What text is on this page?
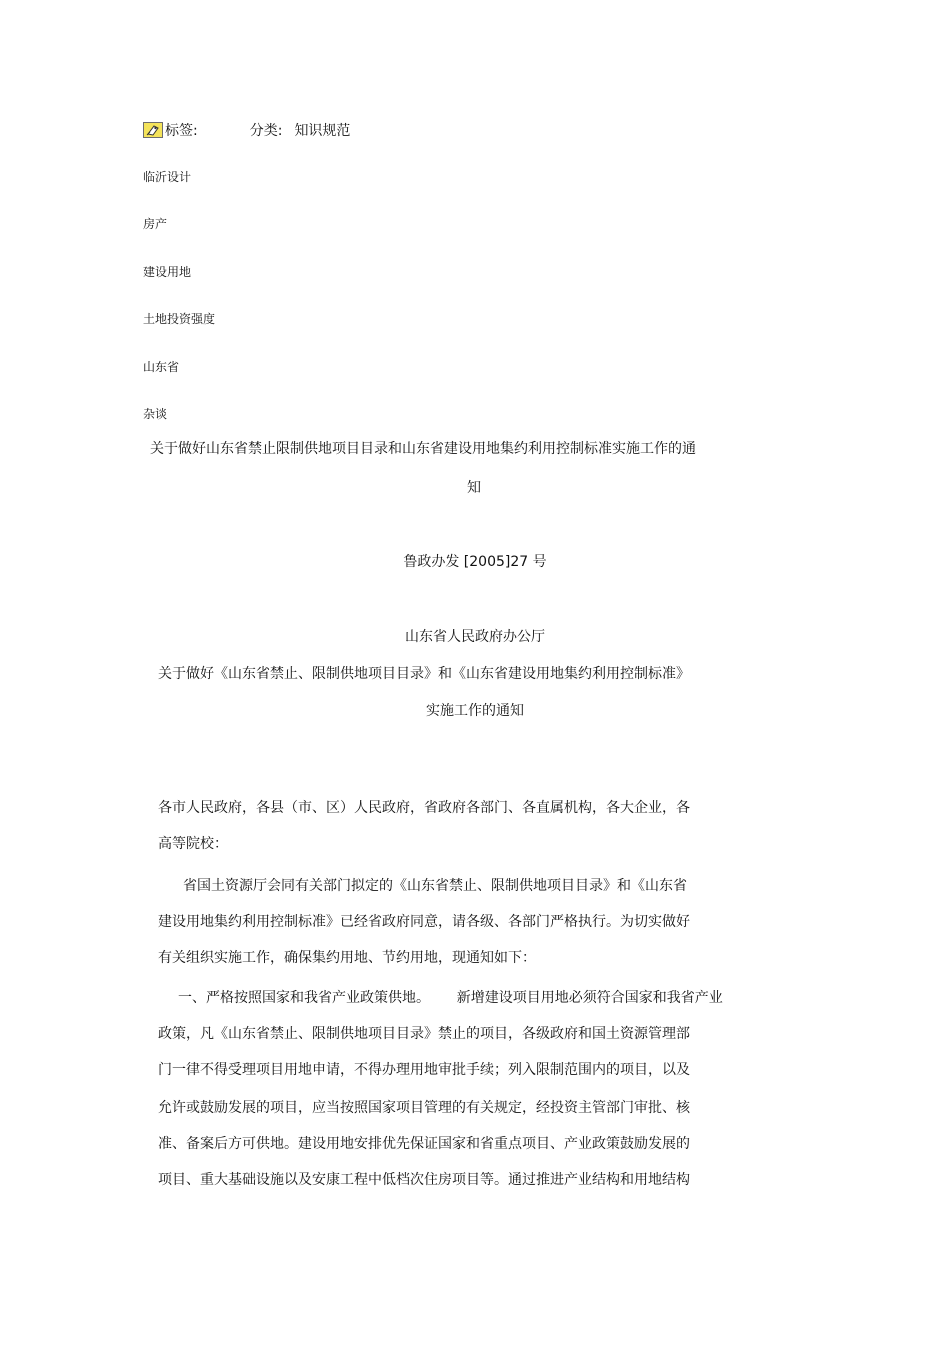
标签:	分类: 知识规范
临沂设计
房产
建设用地
土地投资强度
山东省
杂谈
关于做好山东省禁止限制供地项目目录和山东省建设用地集约利用控制标准实施工作的通
知
鲁政办发 [2005]27 号
山东省人民政府办公厅
关于做好《山东省禁止、限制供地项目目录》和《山东省建设用地集约利用控制标准》
实施工作的通知
各市人民政府，各县（市、区）人民政府，省政府各部门、各直属机构，各大企业，各
高等院校：
省国土资源厅会同有关部门拟定的《山东省禁止、限制供地项目目录》和《山东省
建设用地集约利用控制标准》已经省政府同意，请各级、各部门严格执行。为切实做好
有关组织实施工作，确保集约用地、节约用地，现通知如下：
一、严格按照国家和我省产业政策供地。      新增建设项目用地必须符合国家和我省产业
政策，凡《山东省禁止、限制供地项目目录》禁止的项目，各级政府和国土资源管理部
门一律不得受理项目用地申请，不得办理用地审批手续；列入限制范围内的项目，以及
允许或鼓励发展的项目，应当按照国家项目管理的有关规定，经投资主管部门审批、核
准、备案后方可供地。建设用地安排优先保证国家和省重点项目、产业政策鼓励发展的
项目、重大基础设施以及安康工程中低档次住房项目等。通过推进产业结构和用地结构
